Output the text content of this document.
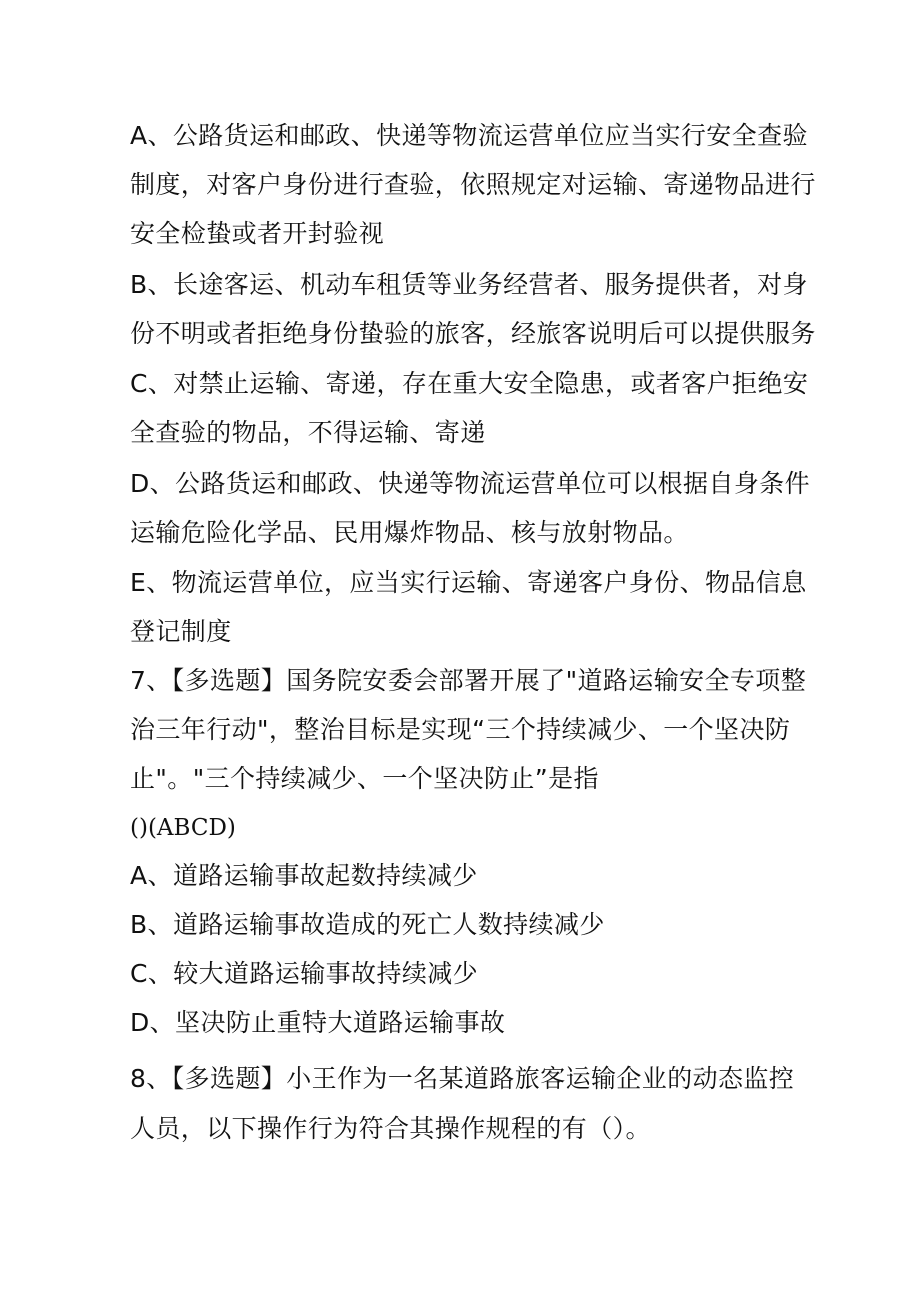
A、公路货运和邮政、快递等物流运营单位应当实行安全查验
制度，对客户身份进行查验，依照规定对运输、寄递物品进行
安全检蛰或者开封验视
B、长途客运、机动车租赁等业务经营者、服务提供者，对身
份不明或者拒绝身份蛰验的旅客，经旅客说明后可以提供服务
C、对禁止运输、寄递，存在重大安全隐患，或者客户拒绝安
全查验的物品，不得运输、寄递
D、公路货运和邮政、快递等物流运营单位可以根据自身条件
运输危险化学品、民用爆炸物品、核与放射物品。
E、物流运营单位，应当实行运输、寄递客户身份、物品信息
登记制度
7、【多选题】国务院安委会部署开展了"道路运输安全专项整
治三年行动"，整治目标是实现“三个持续减少、一个坚决防
止"。"三个持续减少、一个坚决防止”是指
()(ABCD)
A、道路运输事故起数持续减少
B、道路运输事故造成的死亡人数持续减少
C、较大道路运输事故持续减少
D、坚决防止重特大道路运输事故
8、【多选题】小王作为一名某道路旅客运输企业的动态监控
人员，以下操作行为符合其操作规程的有（）。
